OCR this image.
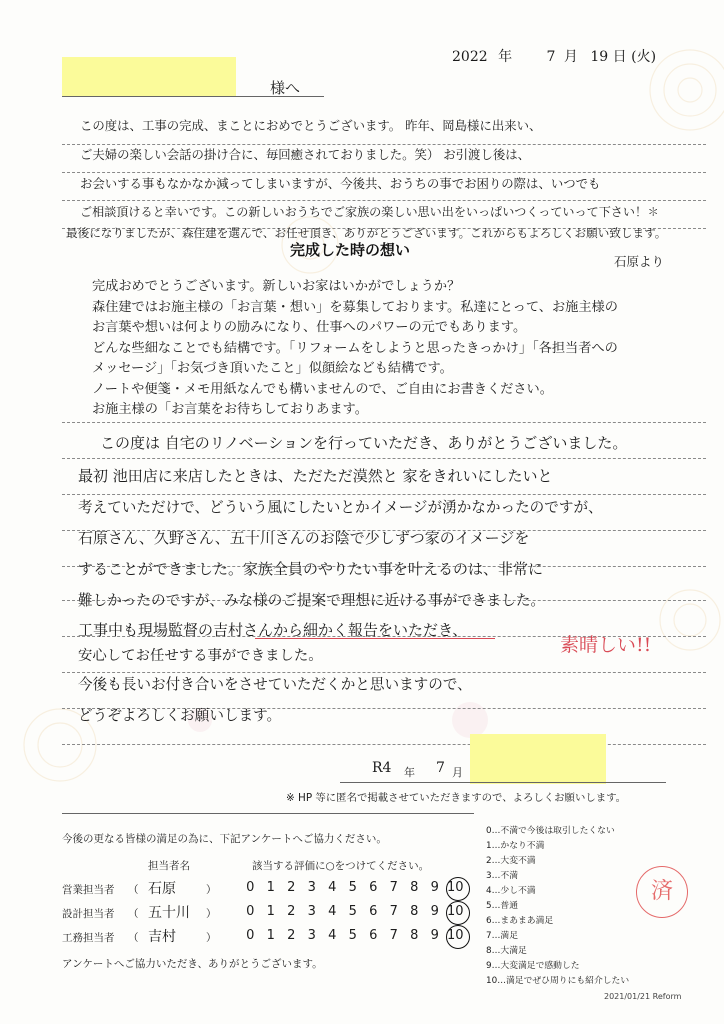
2022 年 7 月 19 日 (火)
様へ
この度は、工事の完成、まことにおめでとうございます。 昨年、岡島様に出来い、
ご夫婦の楽しい会話の掛け合に、毎回癒されておりました。笑） お引渡し後は、
お会いする事もなかなか減ってしまいますが、今後共、おうちの事でお困りの際は、いつでも
ご相談頂けると幸いです。この新しいおうちでご家族の楽しい思い出をいっぱいつくっていって下さい！✽
最後になりましたが、森住建を選んで、お任せ頂き、ありがとうございます。これからもよろしくお願い致します。
石原より
完成した時の想い
完成おめでとうございます。新しいお家はいかがでしょうか？
森住建ではお施主様の「お言葉・想い」を募集しております。私達にとって、お施主様の
お言葉や想いは何よりの励みになり、仕事へのパワーの元でもあります。
どんな些細なことでも結構です。「リフォームをしようと思ったきっかけ」「各担当者への
メッセージ」「お気づき頂いたこと」似顔絵なども結構です。
ノートや便箋・メモ用紙なんでも構いませんので、ご自由にお書きください。
お施主様の「お言葉をお待ちしておりあます。
この度は 自宅のリノベーションを行っていただき、ありがとうございました。
最初 池田店に来店したときは、ただただ漠然と 家をきれいにしたいと
考えていただけで、どういう風にしたいとかイメージが湧かなかったのですが、
石原さん、久野さん、五十川さんのお陰で少しずつ家のイメージを
することができました。家族全員のやりたい事を叶えるのは、非常に
難しかったのですが、みな様のご提案で理想に近ける事ができました。
工事中も現場監督の吉村さんから細かく報告をいただき、
安心してお任せする事ができました。	素晴しい!!
今後も長いお付き合いをさせていただくかと思いますので、
どうぞよろしくお願いします。
R4 年 7 月
※ HP 等に匿名で掲載させていただきますので、よろしくお願いします。
今後の更なる皆様の満足の為に、下記アンケートへご協力ください。
担当者名	該当する評価に○をつけてください。
営業担当者 （ 石原	）	0 1 2 3 4 5 6 7 8 9 10
設計担当者 （ 五十川 ）	0 1 2 3 4 5 6 7 8 9 10
工務担当者 （ 吉村	）	0 1 2 3 4 5 6 7 8 9 10
アンケートへご協力いただき、ありがとうございます。
0…不満で今後は取引したくない
1…かなり不満
2…大変不満
3…不満
4…少し不満
5…普通
6…まあまあ満足
7…満足
8…大満足
9…大変満足で感動した
10…満足でぜひ周りにも紹介したい
2021/01/21 Reform
済
